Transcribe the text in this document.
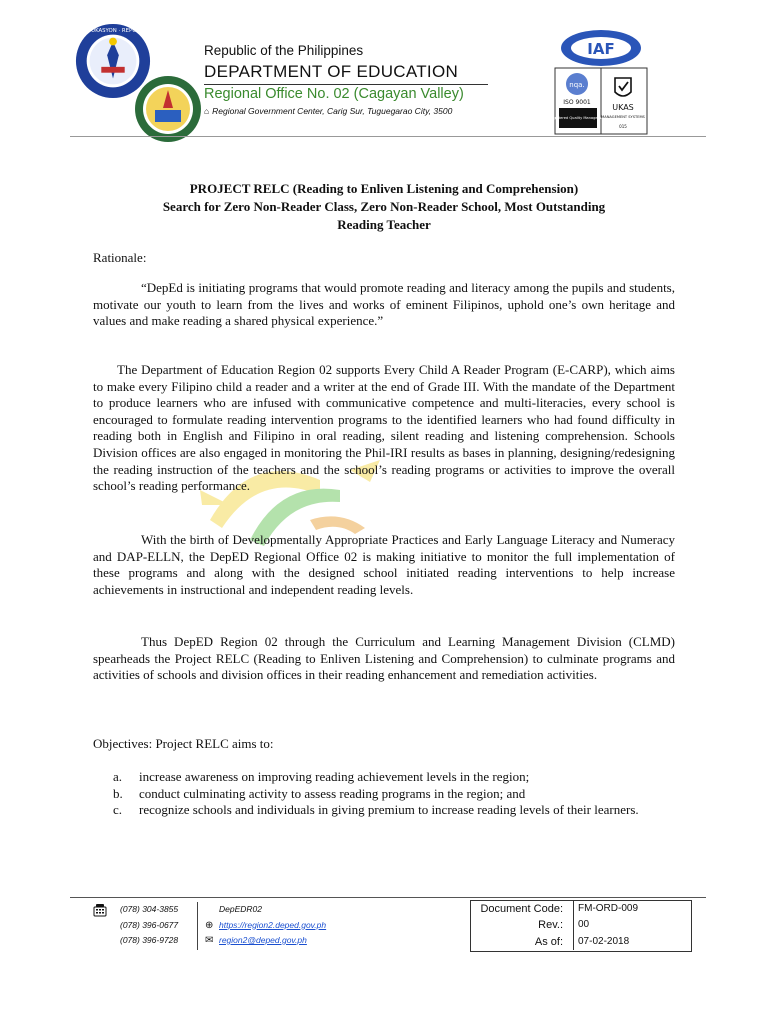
KAGAWARAN NG EDUKASYON · REPUBLIKA NG PILIPINAS
Republic of the Philippines
DEPARTMENT OF EDUCATION
Regional Office No. 02 (Cagayan Valley)
⌂ Regional Government Center, Carig Sur, Tuguegarao City, 3500
IAF
nqa.
ISO 9001
Registered Quality Management
UKAS
MANAGEMENT SYSTEMS
015
PROJECT RELC (Reading to Enliven Listening and Comprehension)
Search for Zero Non-Reader Class, Zero Non-Reader School, Most Outstanding
Reading Teacher
Rationale:
“DepEd is initiating programs that would promote reading and literacy among the pupils and students, motivate our youth to learn from the lives and works of eminent Filipinos, uphold one’s own heritage and values and make reading a shared physical experience.”
The Department of Education Region 02 supports Every Child A Reader Program (E-CARP), which aims to make every Filipino child a reader and a writer at the end of Grade III. With the mandate of the Department to produce learners who are infused with communicative competence and multi-literacies, every school is encouraged to formulate reading intervention programs to the identified learners who had found difficulty in reading both in English and Filipino in oral reading, silent reading and listening comprehension. Schools Division offices are also engaged in monitoring the Phil-IRI results as bases in planning, designing/redesigning the reading instruction of the teachers and the school’s reading programs or activities to improve the overall school’s reading performance.
With the birth of Developmentally Appropriate Practices and Early Language Literacy and Numeracy and DAP-ELLN, the DepED Regional Office 02 is making initiative to monitor the full implementation of these programs and along with the designed school initiated reading interventions to help increase achievements in instructional and independent reading levels.
Thus DepED Region 02 through the Curriculum and Learning Management Division (CLMD) spearheads the Project RELC (Reading to Enliven Listening and Comprehension) to culminate programs and activities of schools and division offices in their reading enhancement and remediation activities.
Objectives: Project RELC aims to:
a.	increase awareness on improving reading achievement levels in the region;
b.	conduct culminating activity to assess reading programs in the region; and
c.	recognize schools and individuals in giving premium to increase reading levels of their learners.
(078) 304-3855
(078) 396-0677
(078) 396-9728
DepEDR02
⊕ https://region2.deped.gov.ph
✉ region2@deped.gov.ph
Document Code:	FM-ORD-009
Rev.:	00
As of:	07-02-2018
